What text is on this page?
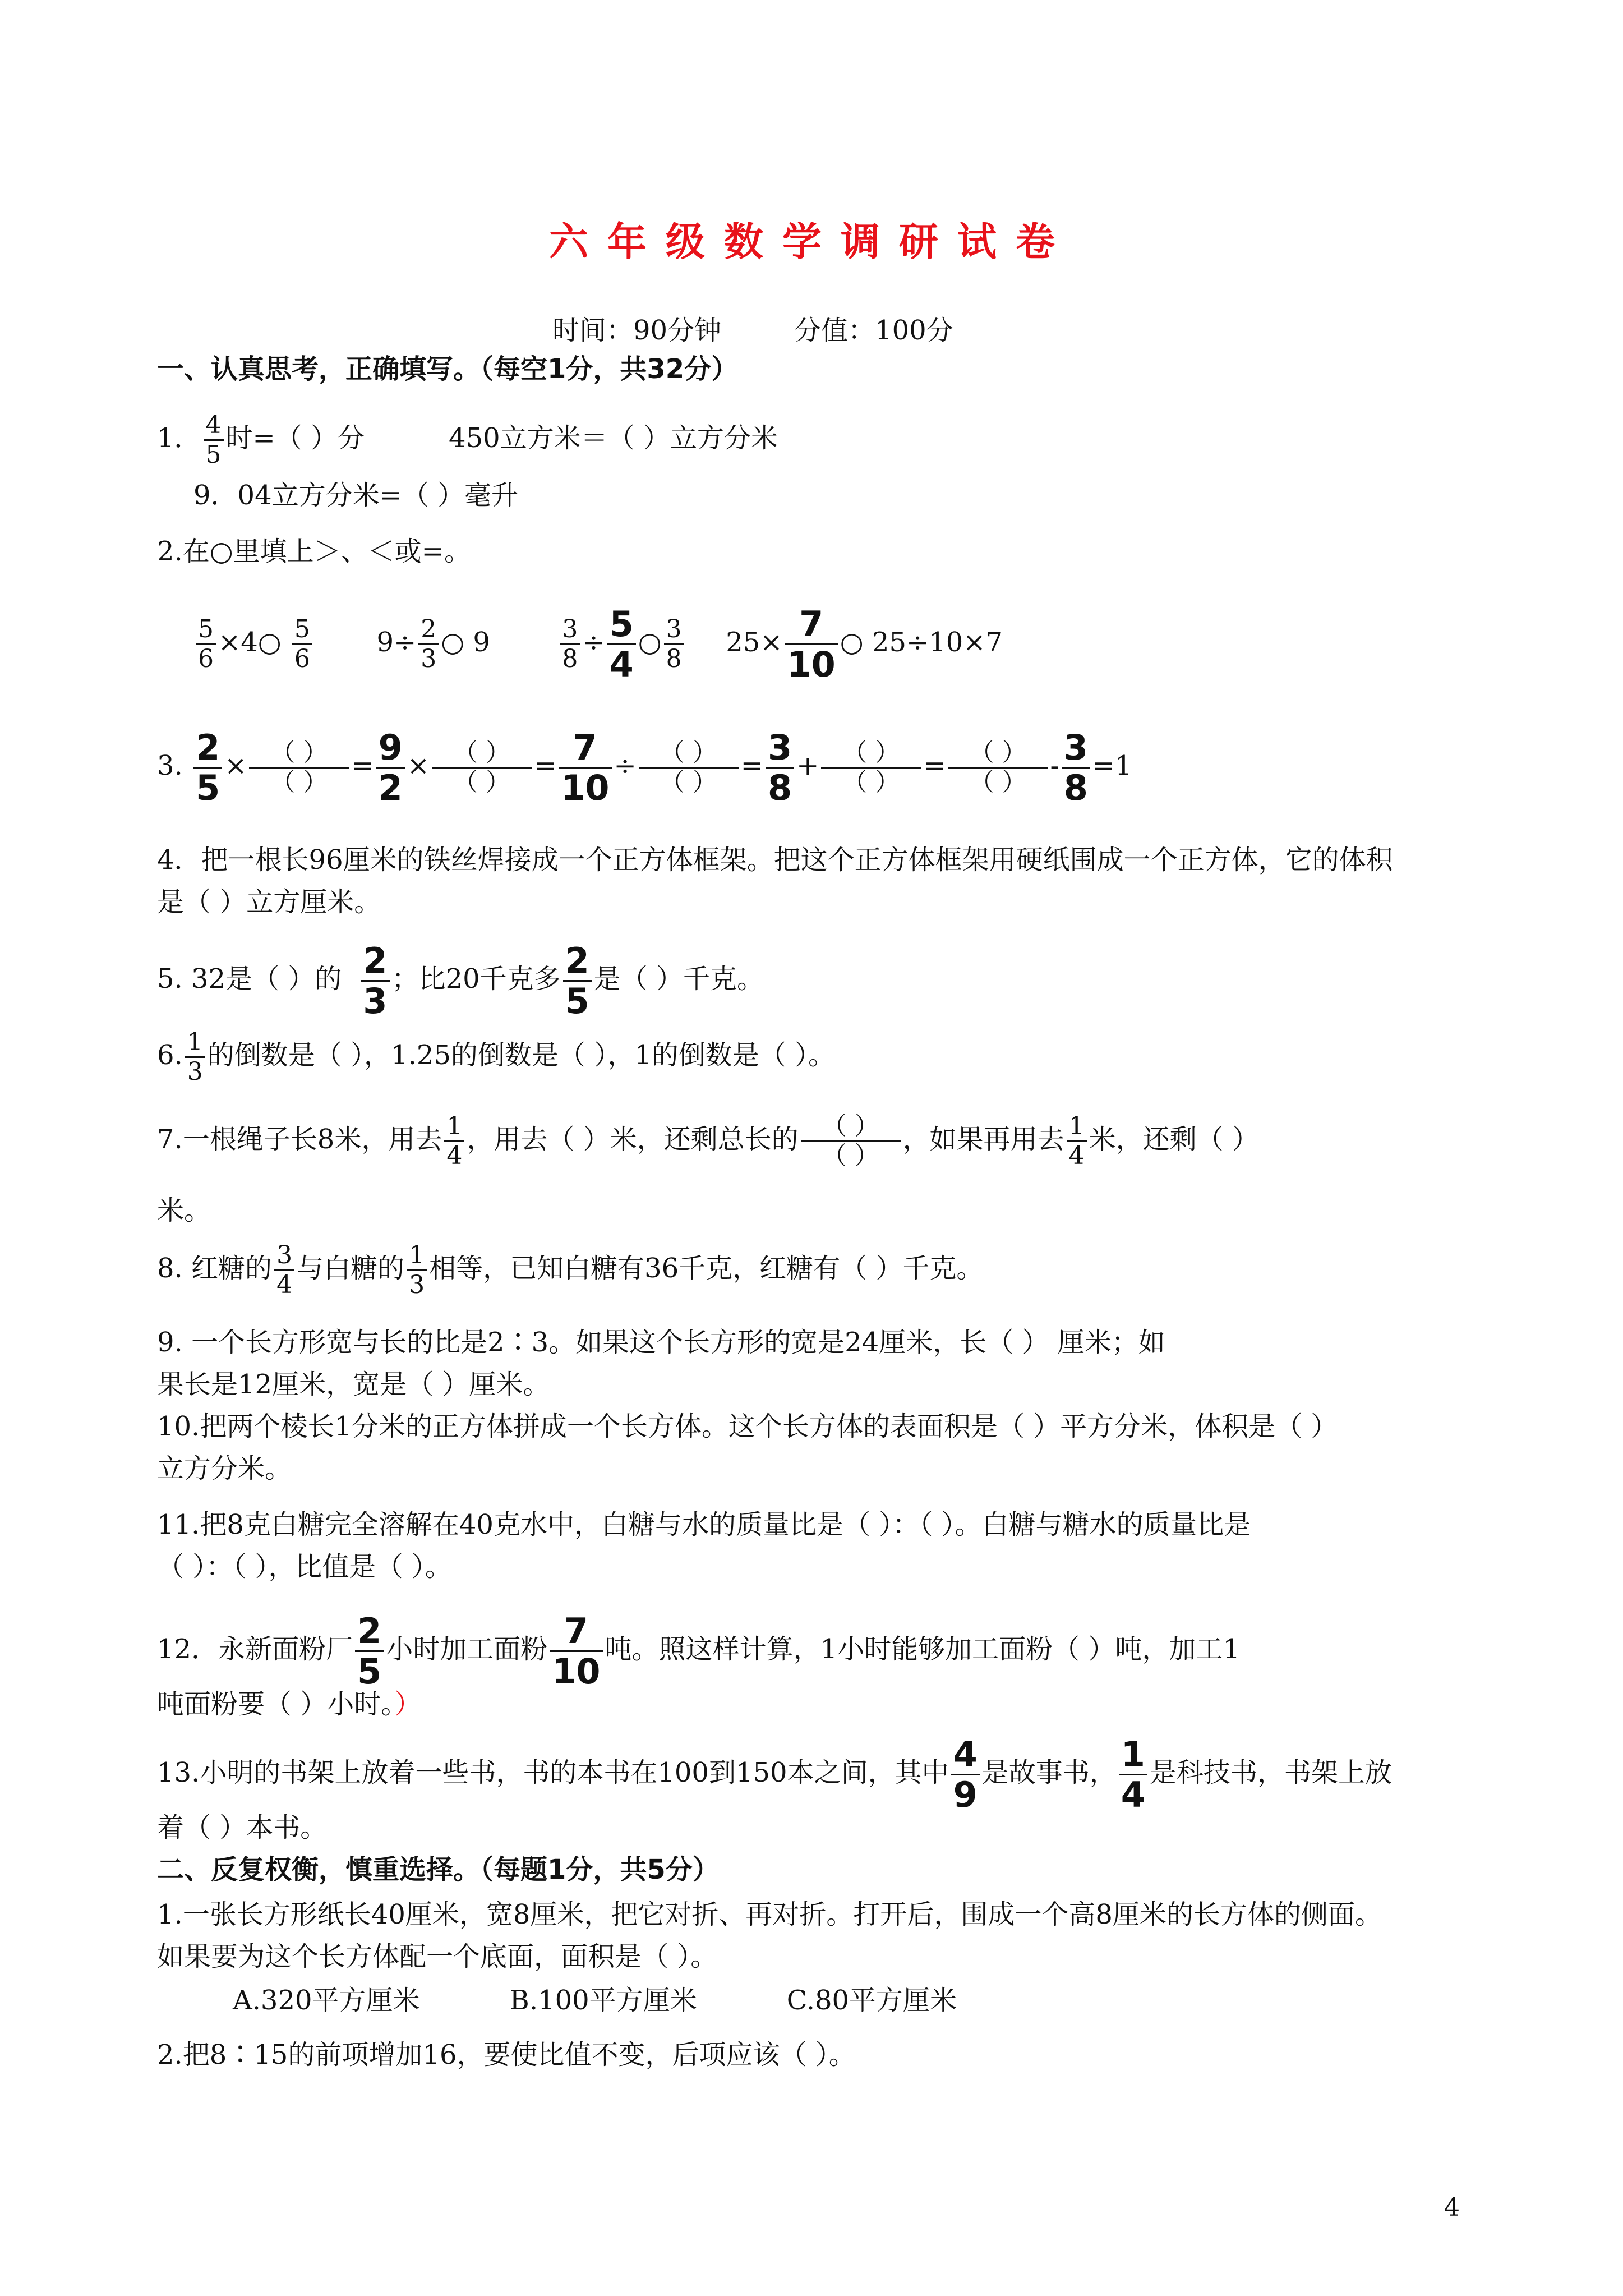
六年级数学调研试卷
时间：90分钟	分值：100分
一、认真思考，正确填写。（每空1分，共32分）
1． $\frac{4}{5}$ 时=（ ）分	450立方米＝（ ）立方分米
9．04立方分米=（ ）毫升
2.在○里填上＞、＜或=。
$\frac{5}{6}$ ×4○ $\frac{5}{6} 9\div \frac{2}{3}$ ○ 9	$\frac{3}{8} \div \frac{5}{4}$ ○ $\frac{3}{8} 25\times \frac{7}{10}$ ○ 25÷10×7
3. $\frac{2}{5}$ × （ ）
（ ）
= $\frac{9}{2}$ × （ ）
（ ）
= $\frac{7}{10}$ ÷ （ ）
（ ）
= $\frac{3}{8}$ + （ ）
（ ）
= （ ）
（ ）
- $\frac{3}{8} =1$
4．把一根长96厘米的铁丝焊接成一个正方体框架。把这个正方体框架用硬纸围成一个正方体，它的体积
是（ ）立方厘米。
5. 32是（ ）的 $\frac{2}{3}$ ；比20千克多 $\frac{2}{5}$ 是（ ）千克。
6. $\frac{1}{3}$ 的倒数是（ ），1.25的倒数是（ ），1的倒数是（ ）。
7.一根绳子长8米，用去 $\frac{1}{4}$ ，用去（ ）米，还剩总长的 （ ）
（ ）
，如果再用去 $\frac{1}{4}$ 米，还剩（ ）
米。
8. 红糖的 $\frac{3}{4}$ 与白糖的 $\frac{1}{3}$ 相等，已知白糖有36千克，红糖有（ ）千克。
9. 一个长方形宽与长的比是2∶3。如果这个长方形的宽是24厘米，长（ ） 厘米；如
果长是12厘米，宽是（ ）厘米。
10.把两个棱长1分米的正方体拼成一个长方体。这个长方体的表面积是（ ）平方分米，体积是（ ）
立方分米。
11.把8克白糖完全溶解在40克水中，白糖与水的质量比是（ ）：（ ）。白糖与糖水的质量比是
（ ）：（ ），比值是（ ）。
12．永新面粉厂 $\frac{2}{5}$ 小时加工面粉 $\frac{7}{10}$ 吨。照这样计算，1小时能够加工面粉（ ）吨，加工1
吨面粉要（ ）小时。）
13.小明的书架上放着一些书，书的本书在100到150本之间，其中 $\frac{4}{9}$ 是故事书， $\frac{1}{4}$ 是科技书，书架上放
着（ ）本书。
二、反复权衡，慎重选择。（每题1分，共5分）
1.一张长方形纸长40厘米，宽8厘米，把它对折、再对折。打开后，围成一个高8厘米的长方体的侧面。
如果要为这个长方体配一个底面，面积是（ ）。
A.320平方厘米	B.100平方厘米	C.80平方厘米
2.把8∶15的前项增加16，要使比值不变，后项应该（ ）。
4
